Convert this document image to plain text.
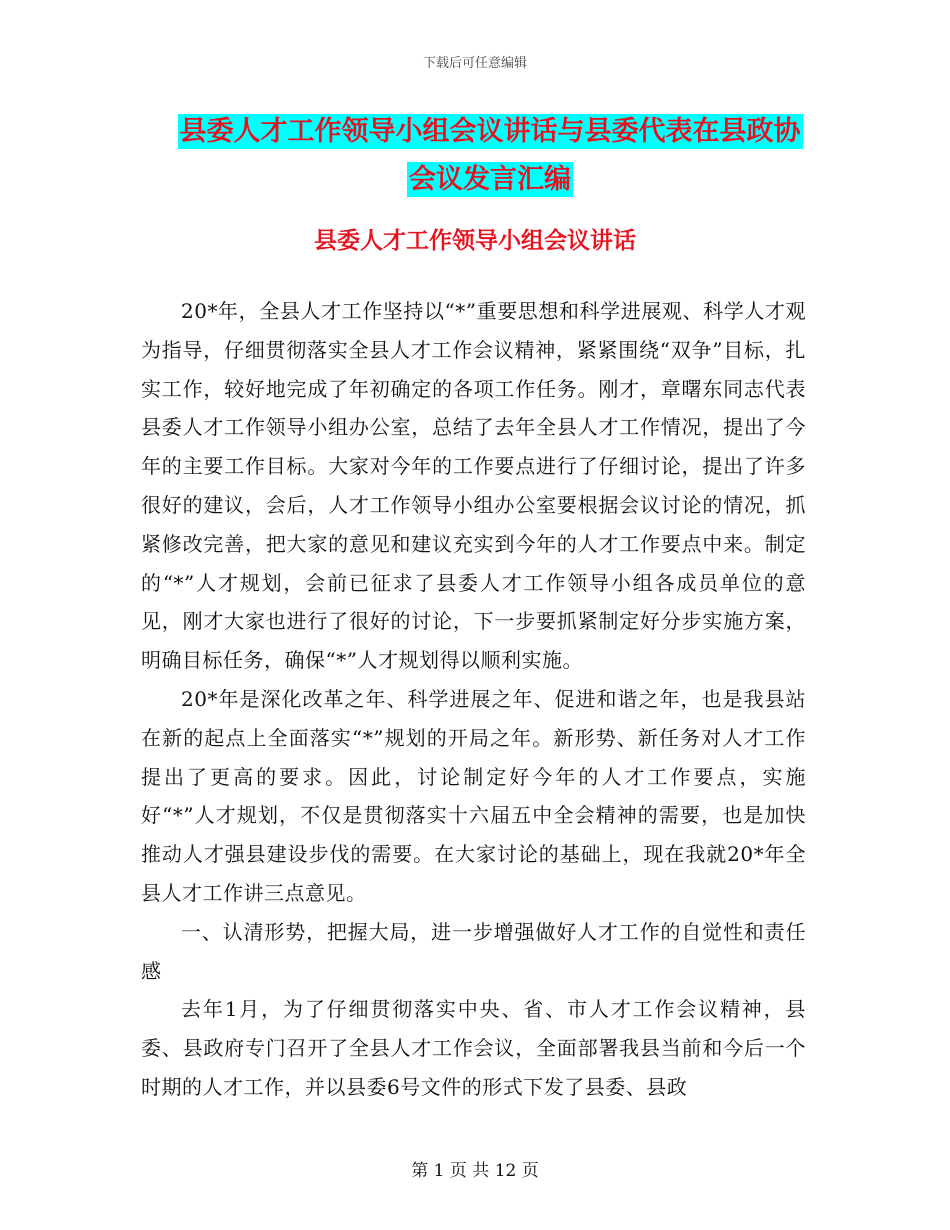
下载后可任意编辑
县委人才工作领导小组会议讲话与县委代表在县政协
会议发言汇编
县委人才工作领导小组会议讲话

20*年，全县人才工作坚持以“*”重要思想和科学进展观、科学人才观为指导，仔细贯彻落实全县人才工作会议精神，紧紧围绕“双争”目标，扎实工作，较好地完成了年初确定的各项工作任务。刚才，章曙东同志代表县委人才工作领导小组办公室，总结了去年全县人才工作情况，提出了今年的主要工作目标。大家对今年的工作要点进行了仔细讨论，提出了许多很好的建议，会后，人才工作领导小组办公室要根据会议讨论的情况，抓紧修改完善，把大家的意见和建议充实到今年的人才工作要点中来。制定的“*”人才规划，会前已征求了县委人才工作领导小组各成员单位的意见，刚才大家也进行了很好的讨论，下一步要抓紧制定好分步实施方案，明确目标任务，确保“*”人才规划得以顺利实施。

20*年是深化改革之年、科学进展之年、促进和谐之年，也是我县站在新的起点上全面落实“*”规划的开局之年。新形势、新任务对人才工作提出了更高的要求。因此，讨论制定好今年的人才工作要点，实施好“*”人才规划，不仅是贯彻落实十六届五中全会精神的需要，也是加快推动人才强县建设步伐的需要。在大家讨论的基础上，现在我就20*年全县人才工作讲三点意见。

一、认清形势，把握大局，进一步增强做好人才工作的自觉性和责任感

去年1月，为了仔细贯彻落实中央、省、市人才工作会议精神，县委、县政府专门召开了全县人才工作会议，全面部署我县当前和今后一个时期的人才工作，并以县委6号文件的形式下发了县委、县政

第 1 页 共 12 页
